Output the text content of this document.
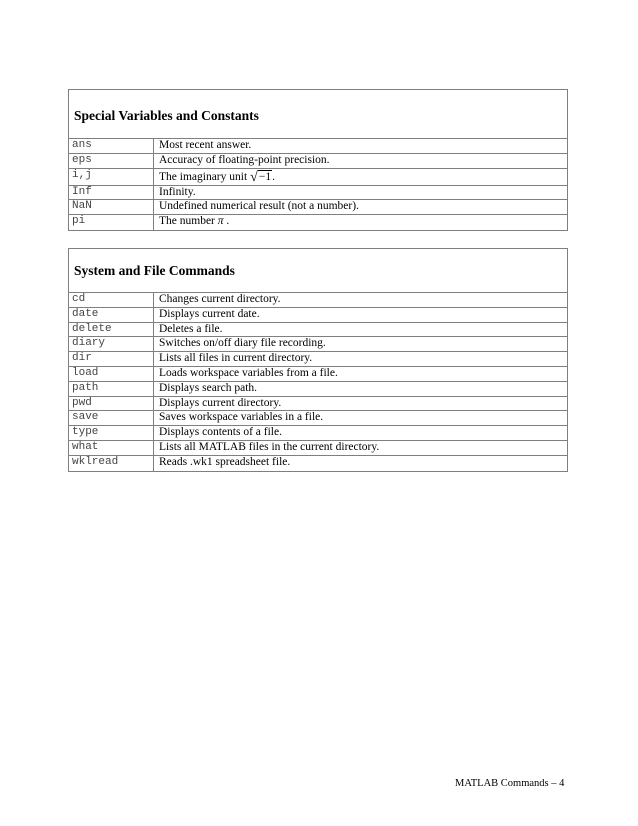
Special Variables and Constants
ans	Most recent answer.
eps	Accuracy of floating-point precision.
i,j	The imaginary unit √−1.
Inf	Infinity.
NaN	Undefined numerical result (not a number).
pi	The number π .
System and File Commands
cd	Changes current directory.
date	Displays current date.
delete	Deletes a file.
diary	Switches on/off diary file recording.
dir	Lists all files in current directory.
load	Loads workspace variables from a file.
path	Displays search path.
pwd	Displays current directory.
save	Saves workspace variables in a file.
type	Displays contents of a file.
what	Lists all MATLAB files in the current directory.
wklread	Reads .wk1 spreadsheet file.
MATLAB Commands – 4
